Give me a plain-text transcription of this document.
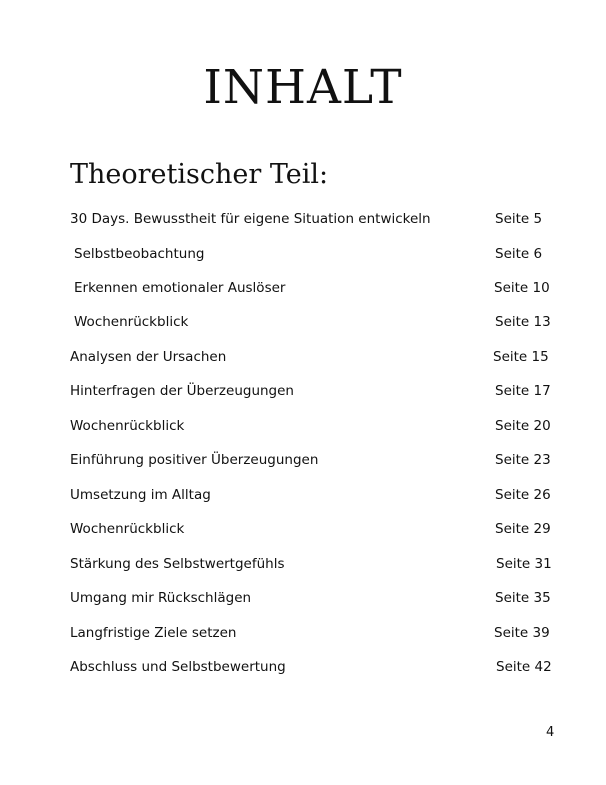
INHALT
Theoretischer Teil:
30 Days. Bewusstheit für eigene Situation entwickeln	Seite 5
Selbstbeobachtung	Seite 6
Erkennen emotionaler Auslöser	Seite 10
Wochenrückblick	Seite 13
Analysen der Ursachen	Seite 15
Hinterfragen der Überzeugungen	Seite 17
Wochenrückblick	Seite 20
Einführung positiver Überzeugungen	Seite 23
Umsetzung im Alltag	Seite 26
Wochenrückblick	Seite 29
Stärkung des Selbstwertgefühls	Seite 31
Umgang mir Rückschlägen	Seite 35
Langfristige Ziele setzen	Seite 39
Abschluss und Selbstbewertung	Seite 42
4
